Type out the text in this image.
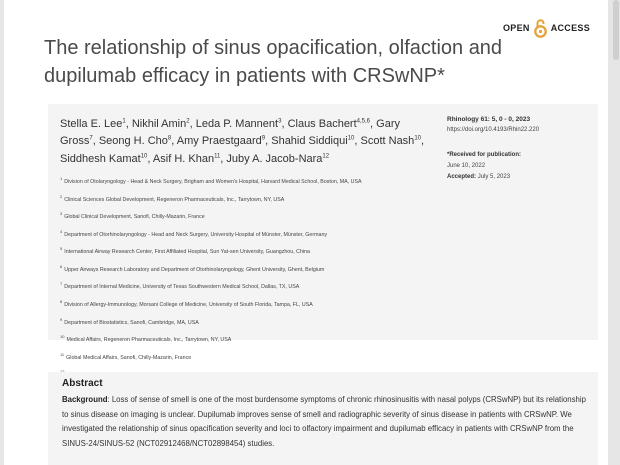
OPEN ACCESS
The relationship of sinus opacification, olfaction and dupilumab efficacy in patients with CRSwNP*
Stella E. Lee$^1$, Nikhil Amin$^2$, Leda P. Mannent$^3$, Claus Bachert$^{4,5,6}$, Gary Gross$^7$, Seong H. Cho$^8$, Amy Praestgaard$^9$, Shahid Siddiqui$^{10}$, Scott Nash$^{10}$, Siddhesh Kamat$^{10}$, Asif H. Khan$^{11}$, Juby A. Jacob-Nara$^{12}$
$^1$Division of Otolaryngology - Head & Neck Surgery, Brigham and Women's Hospital, Harvard Medical School, Boston, MA, USA
$^2$Clinical Sciences Global Development, Regeneron Pharmaceuticals, Inc., Tarrytown, NY, USA
$^3$Global Clinical Development, Sanofi, Chilly-Mazarin, France
$^4$Department of Otorhinolaryngology - Head and Neck Surgery, University Hospital of Münster, Münster, Germany
$^5$International Airway Research Center, First Affiliated Hospital, Sun Yat-sen University, Guangzhou, China
$^6$Upper Airways Research Laboratory and Department of Otorhinolaryngology, Ghent University, Ghent, Belgium
$^7$Department of Internal Medicine, University of Texas Southwestern Medical School, Dallas, TX, USA
$^8$Division of Allergy-Immunology, Morsani College of Medicine, University of South Florida, Tampa, FL, USA
$^9$Department of Biostatistics, Sanofi, Cambridge, MA, USA
$^{10}$Medical Affairs, Regeneron Pharmaceuticals, Inc., Tarrytown, NY, USA
$^{11}$Global Medical Affairs, Sanofi, Chilly-Mazarin, France
Rhinology 61: 5, 0 - 0, 2023
https://doi.org/10.4193/Rhin22.220
*Received for publication:
June 10, 2022
Accepted: July 5, 2023
Abstract

Background: Loss of sense of smell is one of the most burdensome symptoms of chronic rhinosinusitis with nasal polyps (CRSwNP) but its relationship to sinus disease on imaging is unclear. Dupilumab improves sense of smell and radiographic severity of sinus disease in patients with CRSwNP. We investigated the relationship of sinus opacification severity and loci to olfactory impairment and dupilumab efficacy in patients with CRSwNP from the SINUS-24/SINUS-52 (NCT02912468/NCT02898454) studies.
